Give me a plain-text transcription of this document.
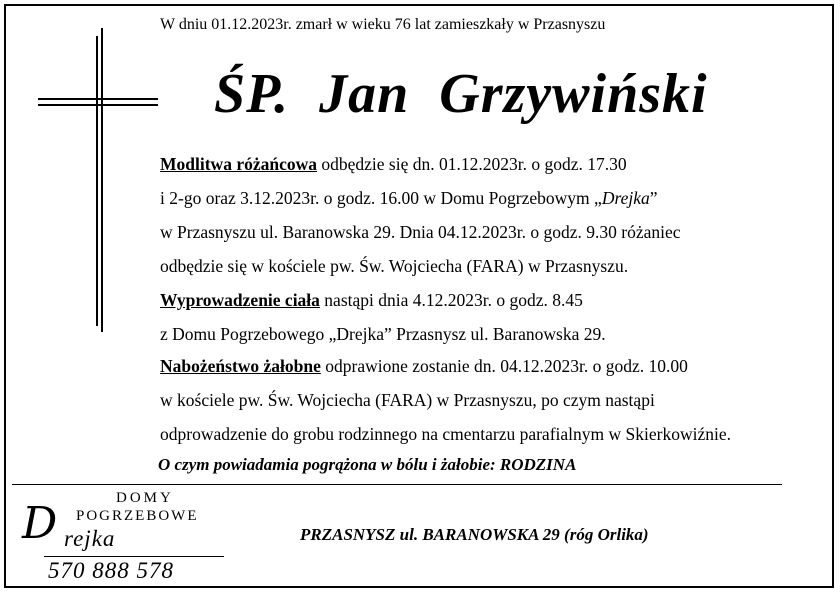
W dniu 01.12.2023r. zmarł w wieku 76 lat zamieszkały w Przasnyszu
ŚP.  Jan  Grzywiński
Modlitwa różańcowa odbędzie się dn. 01.12.2023r. o godz. 17.30
i 2-go oraz 3.12.2023r. o godz. 16.00 w Domu Pogrzebowym „Drejka”
w Przasnyszu ul. Baranowska 29. Dnia 04.12.2023r. o godz. 9.30 różaniec
odbędzie się w kościele pw. Św. Wojciecha (FARA) w Przasnyszu.
Wyprowadzenie ciała nastąpi dnia 4.12.2023r. o godz. 8.45
z Domu Pogrzebowego „Drejka” Przasnysz ul. Baranowska 29.
Nabożeństwo żałobne odprawione zostanie dn. 04.12.2023r. o godz. 10.00
w kościele pw. Św. Wojciecha (FARA) w Przasnyszu, po czym nastąpi
odprowadzenie do grobu rodzinnego na cmentarzu parafialnym w Skierkowiźnie.
O czym powiadamia pogrążona w bólu i żałobie: RODZINA
DOMY
POGRZEBOWE
D rejka
570 888 578
PRZASNYSZ ul. BARANOWSKA 29 (róg Orlika)
